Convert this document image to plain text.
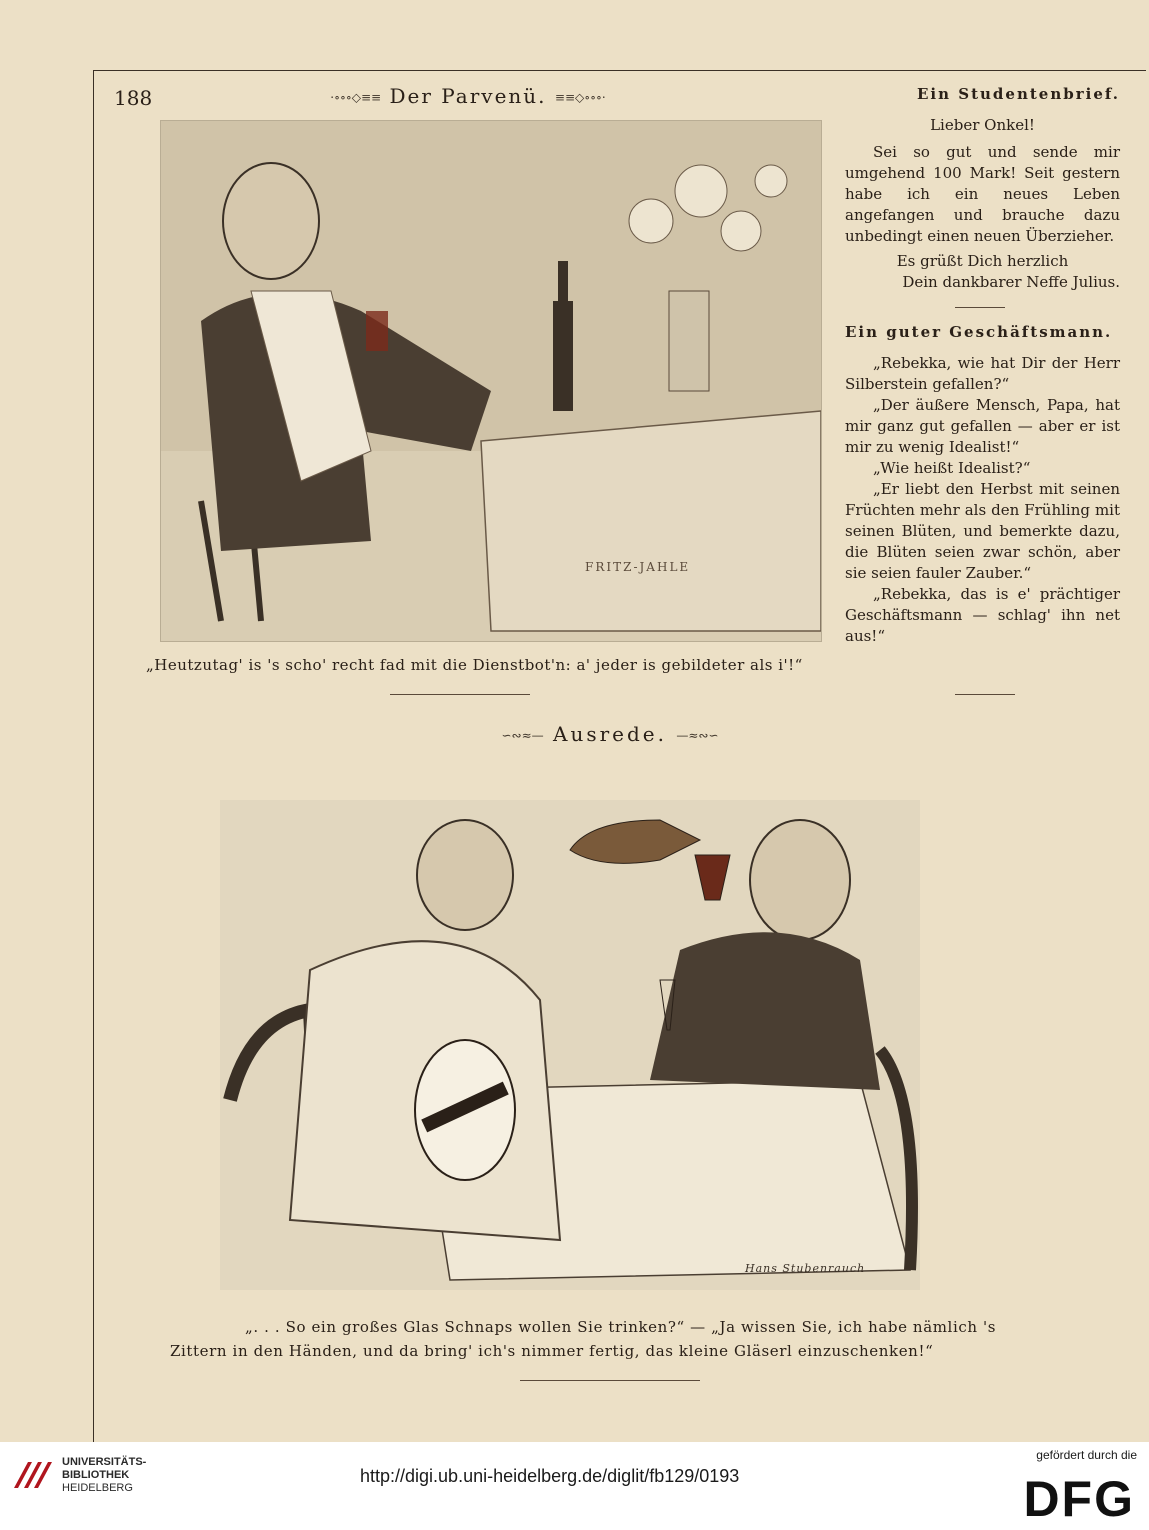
188	·∘∘∘◇≡≡ Der Parvenü. ≡≡◇∘∘∘·
FRITZ-JAHLE
„Heutzutag' is 's scho' recht fad mit die Dienstbot'n: a' jeder is gebildeter als i'!“
Ein Studentenbrief.

Lieber Onkel!

Sei so gut und sende mir umgehend 100 Mark! Seit gestern habe ich ein neues Leben angefangen und brauche dazu unbedingt einen neuen Überzieher.

Es grüßt Dich herzlich

Dein dankbarer Neffe Julius.

Ein guter Geschäftsmann.

„Rebekka, wie hat Dir der Herr Silberstein gefallen?“

„Der äußere Mensch, Papa, hat mir ganz gut gefallen — aber er ist mir zu wenig Idealist!“

„Wie heißt Idealist?“

„Er liebt den Herbst mit seinen Früchten mehr als den Frühling mit seinen Blüten, und bemerkte dazu, die Blüten seien zwar schön, aber sie seien fauler Zauber.“

„Rebekka, das is e' prächtiger Geschäftsmann — schlag' ihn net aus!“

∽∾≈— Ausrede. —≈∾∽
Hans Stubenrauch
„. . . So ein großes Glas Schnaps wollen Sie trinken?“ — „Ja wissen Sie, ich habe nämlich 's
Zittern in den Händen, und da bring' ich's nimmer fertig, das kleine Gläserl einzuschenken!“
UNIVERSITÄTS-
BIBLIOTHEK
HEIDELBERG
http://digi.ub.uni-heidelberg.de/diglit/fb129/0193
gefördert durch die
DFG
